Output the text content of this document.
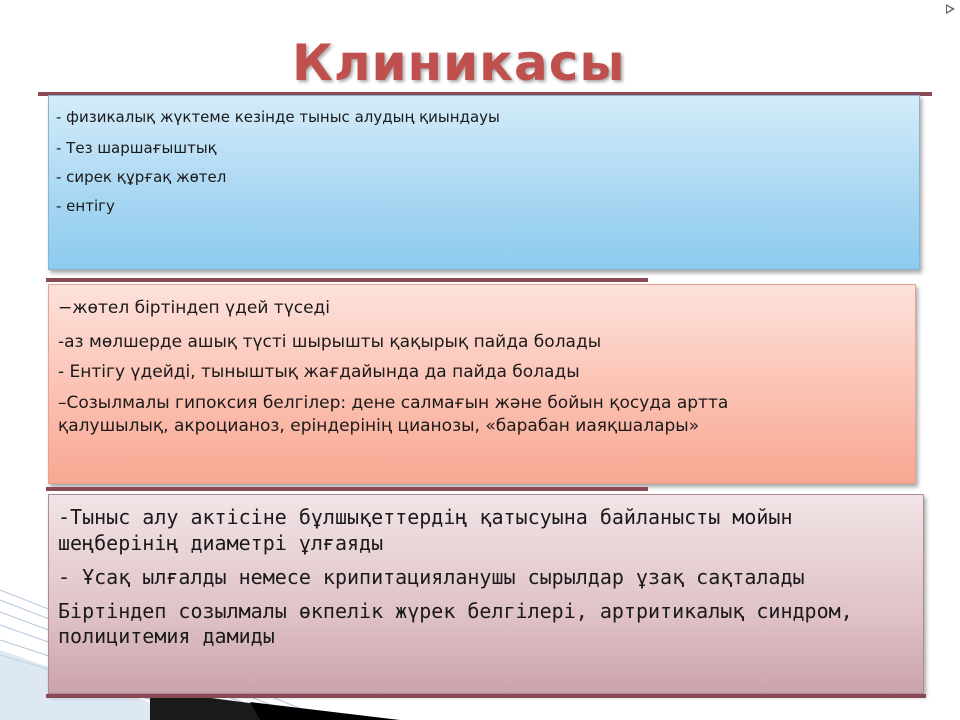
Клиникасы
- физикалық жүктеме кезінде тыныс алудың қиындауы
- Тез шаршағыштық
- сирек құрғақ жөтел
- ентігу
−жөтел біртіндеп үдей түседі
-аз мөлшерде ашық түсті шырышты қақырық пайда болады
- Ентігу үдейді, тыныштық жағдайында да пайда болады
–Созылмалы гипоксия белгілер: дене салмағын және бойын қосуда артта
қалушылық, акроцианоз, еріндерінің цианозы, «барабан иаяқшалары»
-Тыныс алу актісіне бұлшықеттердің қатысуына байланысты мойын
шеңберінің диаметрі ұлғаяды
- Ұсақ ылғалды немесе крипитацияланушы сырылдар ұзақ сақталады
Біртіндеп созылмалы өкпелік жүрек белгілері, артритикалық синдром,
полицитемия дамиды
